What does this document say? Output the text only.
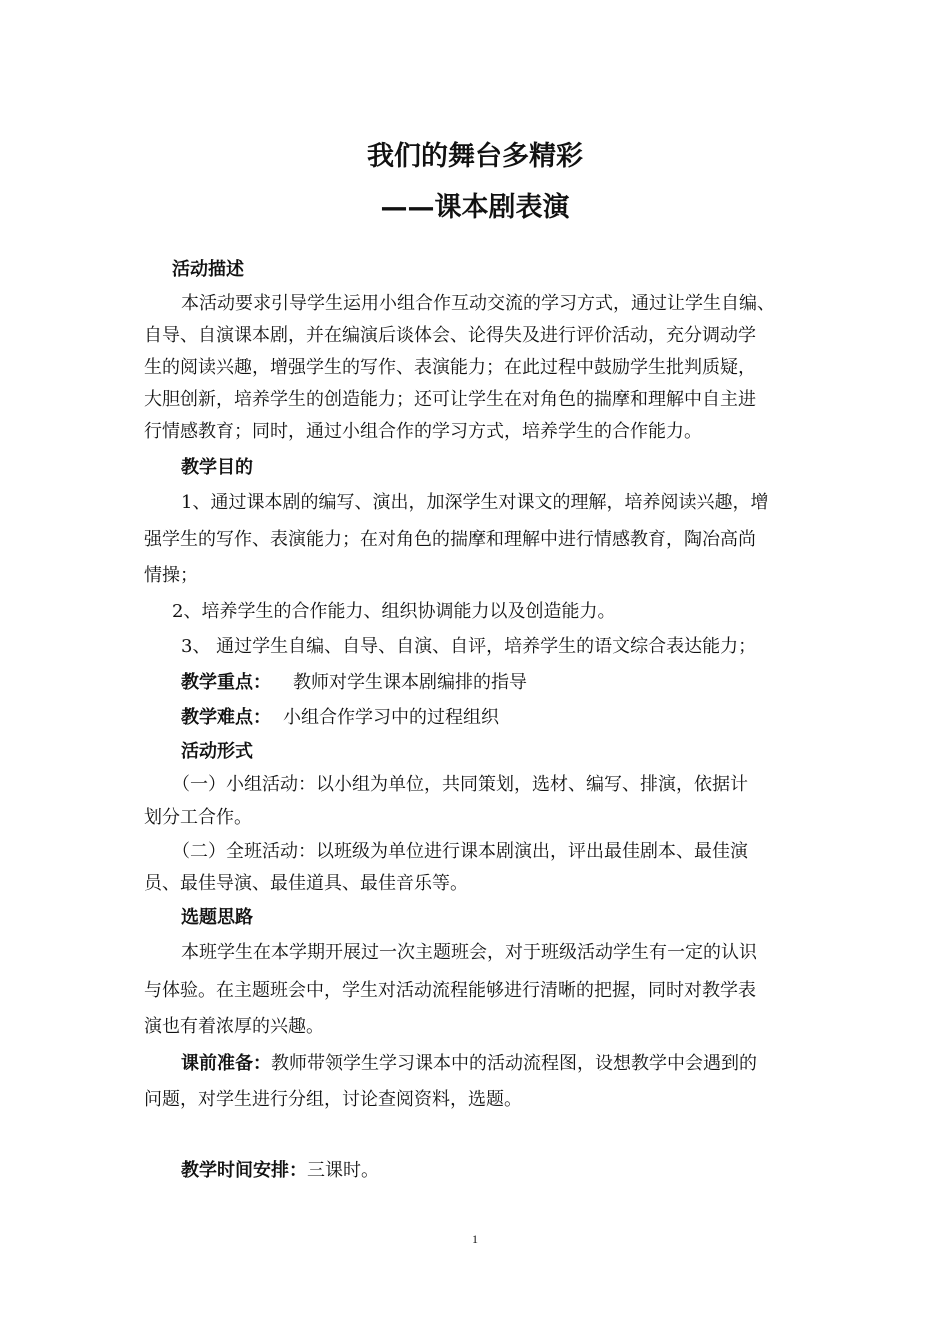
我们的舞台多精彩
——课本剧表演
活动描述
本活动要求引导学生运用小组合作互动交流的学习方式，通过让学生自编、
自导、自演课本剧，并在编演后谈体会、论得失及进行评价活动，充分调动学
生的阅读兴趣，增强学生的写作、表演能力；在此过程中鼓励学生批判质疑，
大胆创新，培养学生的创造能力；还可让学生在对角色的揣摩和理解中自主进
行情感教育；同时，通过小组合作的学习方式，培养学生的合作能力。
教学目的
1、通过课本剧的编写、演出，加深学生对课文的理解，培养阅读兴趣，增
强学生的写作、表演能力；在对角色的揣摩和理解中进行情感教育，陶冶高尚
情操；
2、培养学生的合作能力、组织协调能力以及创造能力。
3、 通过学生自编、自导、自演、自评，培养学生的语文综合表达能力；
教学重点： 教师对学生课本剧编排的指导
教学难点： 小组合作学习中的过程组织
活动形式
（一）小组活动：以小组为单位，共同策划，选材、编写、排演，依据计
划分工合作。
（二）全班活动：以班级为单位进行课本剧演出，评出最佳剧本、最佳演
员、最佳导演、最佳道具、最佳音乐等。
选题思路
本班学生在本学期开展过一次主题班会，对于班级活动学生有一定的认识
与体验。在主题班会中，学生对活动流程能够进行清晰的把握，同时对教学表
演也有着浓厚的兴趣。
课前准备：教师带领学生学习课本中的活动流程图，设想教学中会遇到的
问题，对学生进行分组，讨论查阅资料，选题。
教学时间安排：三课时。
1
